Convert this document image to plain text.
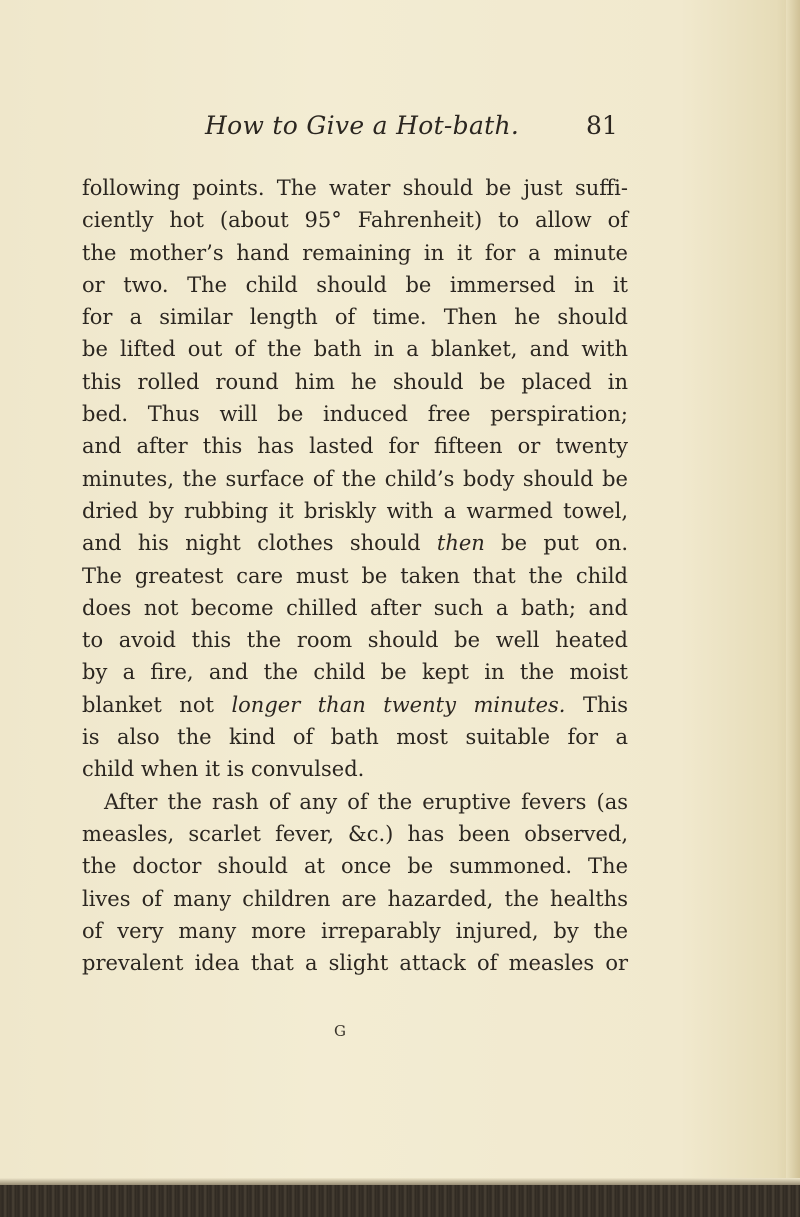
How to Give a Hot-bath.	81
following points. The water should be just suffi-
ciently hot (about 95° Fahrenheit) to allow of
the mother’s hand remaining in it for a minute
or two. The child should be immersed in it
for a similar length of time. Then he should
be lifted out of the bath in a blanket, and with
this rolled round him he should be placed in
bed. Thus will be induced free perspiration;
and after this has lasted for fifteen or twenty
minutes, the surface of the child’s body should be
dried by rubbing it briskly with a warmed towel,
and his night clothes should then be put on.
The greatest care must be taken that the child
does not become chilled after such a bath; and
to avoid this the room should be well heated
by a fire, and the child be kept in the moist
blanket not longer than twenty minutes. This
is also the kind of bath most suitable for a
child when it is convulsed.
After the rash of any of the eruptive fevers (as
measles, scarlet fever, &c.) has been observed,
the doctor should at once be summoned. The
lives of many children are hazarded, the healths
of very many more irreparably injured, by the
prevalent idea that a slight attack of measles or
G
